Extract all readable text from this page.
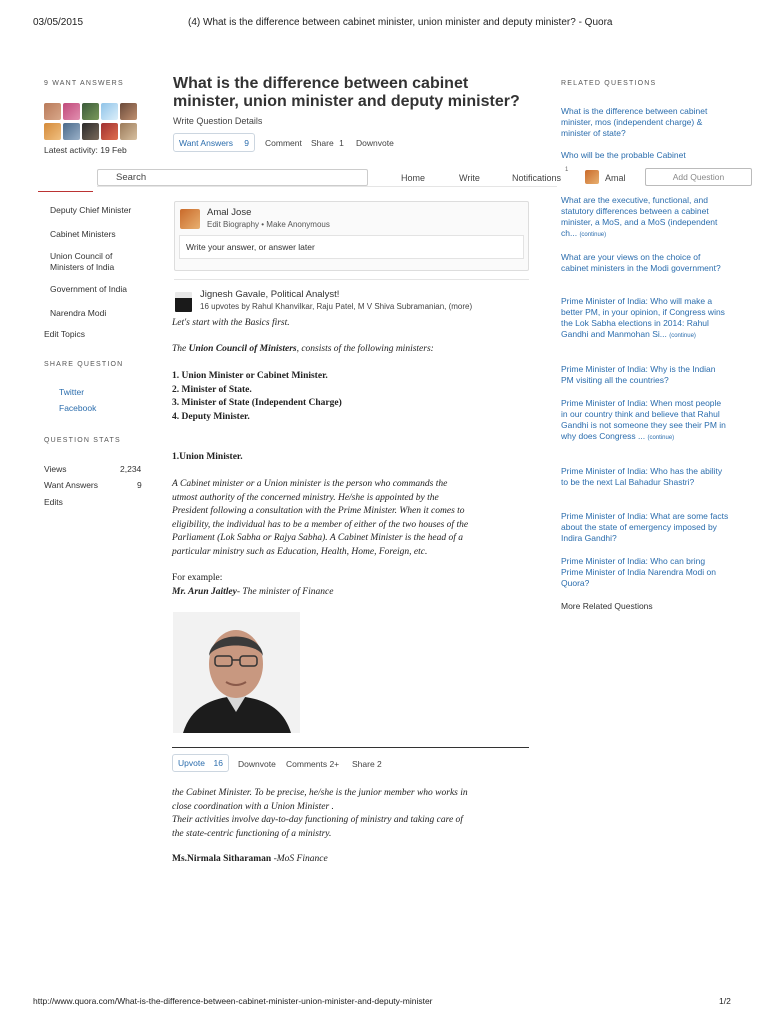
03/05/2015	(4) What is the difference between cabinet minister, union minister and deputy minister? - Quora
9 WANT ANSWERS
Latest activity: 19 Feb
What is the difference between cabinet minister, union minister and deputy minister?
Write Question Details
Want Answers 9 Comment Share 1 Downvote
Search	Home	Write	Notifications
1
Amal	Add Question
Deputy Chief Minister
Cabinet Ministers
Union Council of Ministers of India
Government of India
Narendra Modi
Edit Topics
SHARE QUESTION
Twitter
Facebook
QUESTION STATS
Views	2,234
Want Answers	9
Edits
Amal Jose
Edit Biography • Make Anonymous
Write your answer, or answer later
Jignesh Gavale, Political Analyst!
16 upvotes by Rahul Khanvilkar, Raju Patel, M V Shiva Subramanian, (more)
Let's start with the Basics first.
The Union Council of Ministers, consists of the following ministers:
1. Union Minister or Cabinet Minister.
2. Minister of State.
3. Minister of State (Independent Charge)
4. Deputy Minister.
1.Union Minister.
A Cabinet minister or a Union minister is the person who commands the
utmost authority of the concerned ministry. He/she is appointed by the
President following a consultation with the Prime Minister. When it comes to
eligibility, the individual has to be a member of either of the two houses of the
Parliament (Lok Sabha or Rajya Sabha). A Cabinet Minister is the head of a
particular ministry such as Education, Health, Home, Foreign, etc.
For example:
Mr. Arun Jaitley- The minister of Finance
Upvote 16 Downvote Comments 2+ Share 2
the Cabinet Minister. To be precise, he/she is the junior member who works in
close coordination with a Union Minister .
Their activities involve day-to-day functioning of ministry and taking care of
the state-centric functioning of a ministry.
Ms.Nirmala Sitharaman -MoS Finance
RELATED QUESTIONS
What is the difference between cabinet minister, mos (independent charge) & minister of state?
Who will be the probable Cabinet
What are the executive, functional, and statutory differences between a cabinet minister, a MoS, and a MoS (independent ch... (continue)
What are your views on the choice of cabinet ministers in the Modi government?
Prime Minister of India: Who will make a better PM, in your opinion, if Congress wins the Lok Sabha elections in 2014: Rahul Gandhi and Manmohan Si... (continue)
Prime Minister of India: Why is the Indian PM visiting all the countries?
Prime Minister of India: When most people in our country think and believe that Rahul Gandhi is not someone they see their PM in why does Congress ... (continue)
Prime Minister of India: Who has the ability to be the next Lal Bahadur Shastri?
Prime Minister of India: What are some facts about the state of emergency imposed by Indira Gandhi?
Prime Minister of India: Who can bring Prime Minister of India Narendra Modi on Quora?
More Related Questions
http://www.quora.com/What-is-the-difference-between-cabinet-minister-union-minister-and-deputy-minister	1/2
